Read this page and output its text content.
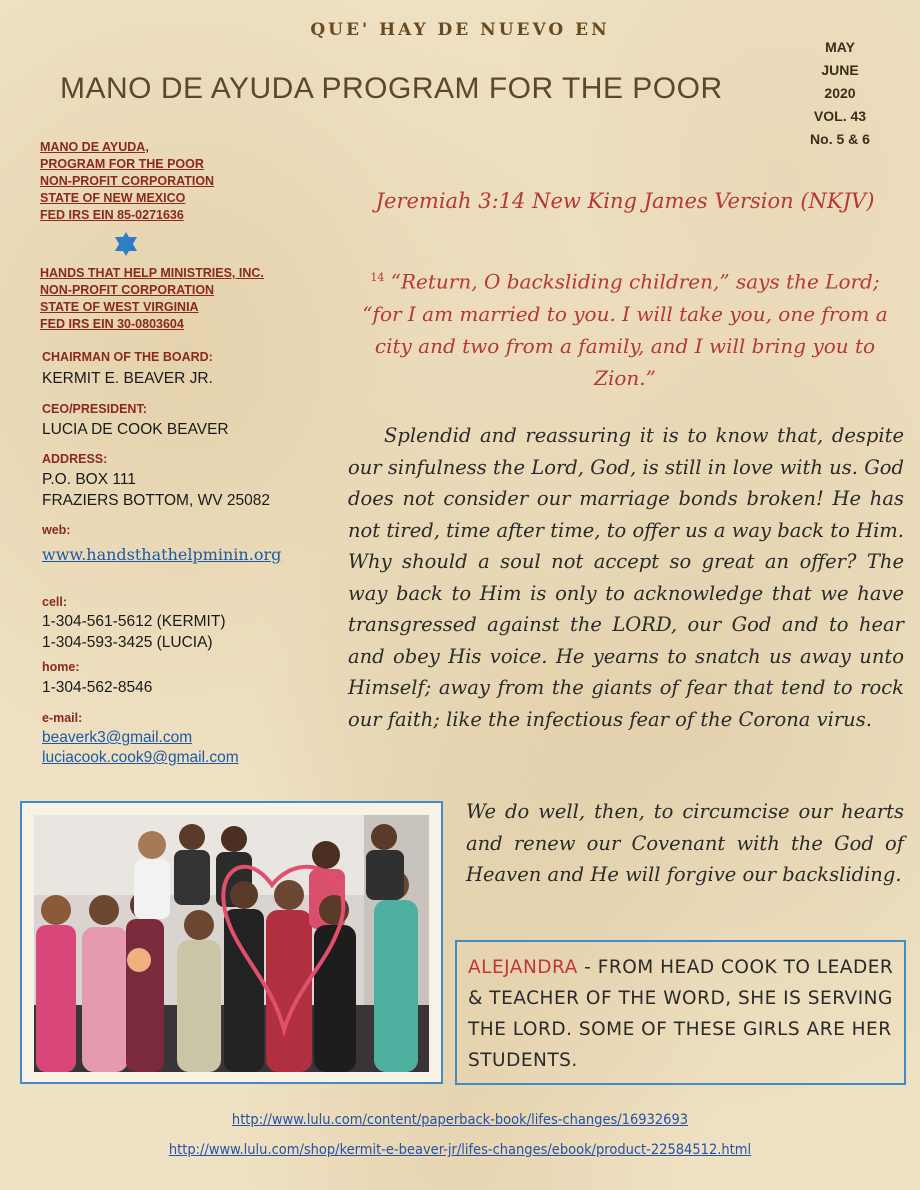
QUE' HAY DE NUEVO EN
MANO DE AYUDA PROGRAM FOR THE POOR
MAY
JUNE
2020
VOL. 43
No. 5 & 6
MANO DE AYUDA,
PROGRAM FOR THE POOR
NON-PROFIT CORPORATION
STATE OF NEW MEXICO
FED IRS EIN 85-0271636
HANDS THAT HELP MINISTRIES, INC.
NON-PROFIT CORPORATION
STATE OF WEST VIRGINIA
FED IRS EIN 30-0803604
CHAIRMAN OF THE BOARD:
KERMIT E. BEAVER JR.
CEO/PRESIDENT:
LUCIA DE COOK BEAVER
ADDRESS:
P.O. BOX 111
FRAZIERS BOTTOM, WV 25082
web:
www.handsthathelpminin.org
cell:
1-304-561-5612 (KERMIT)
1-304-593-3425 (LUCIA)
home:
1-304-562-8546
e-mail:
beaverk3@gmail.com
luciacook.cook9@gmail.com
Jeremiah 3:14 New King James Version (NKJV)
$^{14}$ “Return, O backsliding children,” says the Lord; “for I am married to you. I will take you, one from a city and two from a family, and I will bring you to Zion.”
Splendid and reassuring it is to know that, despite our sinfulness the Lord, God, is still in love with us. God does not consider our marriage bonds broken! He has not tired, time after time, to offer us a way back to Him. Why should a soul not accept so great an offer? The way back to Him is only to acknowledge that we have transgressed against the LORD, our God and to hear and obey His voice. He yearns to snatch us away unto Himself; away from the giants of fear that tend to rock our faith; like the infectious fear of the Corona virus.
We do well, then, to circumcise our hearts and renew our Covenant with the God of Heaven and He will forgive our backsliding.
ALEJANDRA - FROM HEAD COOK TO LEADER & TEACHER OF THE WORD, SHE IS SERVING THE LORD. SOME OF THESE GIRLS ARE HER STUDENTS.
http://www.lulu.com/content/paperback-book/lifes-changes/16932693
http://www.lulu.com/shop/kermit-e-beaver-jr/lifes-changes/ebook/product-22584512.html
